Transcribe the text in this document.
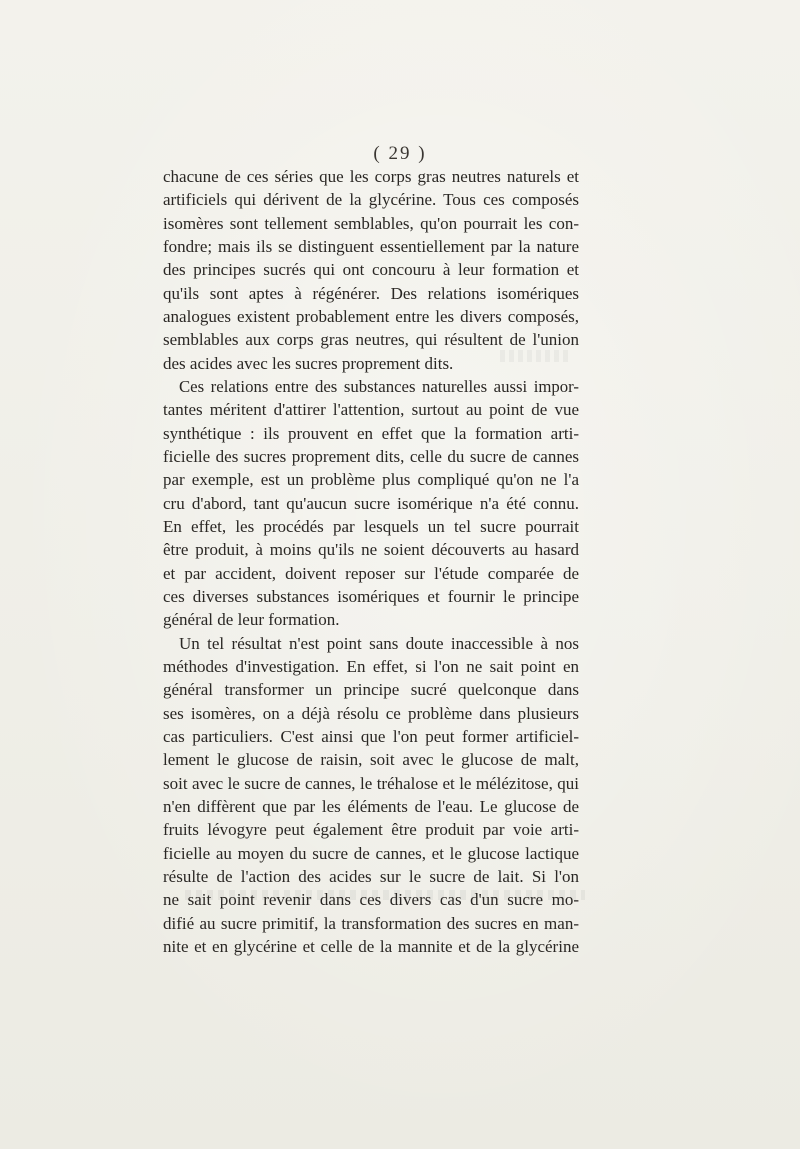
( 29 )
chacune de ces séries que les corps gras neutres naturels et
artificiels qui dérivent de la glycérine. Tous ces composés
isomères sont tellement semblables, qu'on pourrait les con-
fondre; mais ils se distinguent essentiellement par la nature
des principes sucrés qui ont concouru à leur formation et
qu'ils sont aptes à régénérer. Des relations isomériques
analogues existent probablement entre les divers composés,
semblables aux corps gras neutres, qui résultent de l'union
des acides avec les sucres proprement dits.
Ces relations entre des substances naturelles aussi impor-
tantes méritent d'attirer l'attention, surtout au point de vue
synthétique : ils prouvent en effet que la formation arti-
ficielle des sucres proprement dits, celle du sucre de cannes
par exemple, est un problème plus compliqué qu'on ne l'a
cru d'abord, tant qu'aucun sucre isomérique n'a été connu.
En effet, les procédés par lesquels un tel sucre pourrait
être produit, à moins qu'ils ne soient découverts au hasard
et par accident, doivent reposer sur l'étude comparée de
ces diverses substances isomériques et fournir le principe
général de leur formation.
Un tel résultat n'est point sans doute inaccessible à nos
méthodes d'investigation. En effet, si l'on ne sait point en
général transformer un principe sucré quelconque dans
ses isomères, on a déjà résolu ce problème dans plusieurs
cas particuliers. C'est ainsi que l'on peut former artificiel-
lement le glucose de raisin, soit avec le glucose de malt,
soit avec le sucre de cannes, le tréhalose et le mélézitose, qui
n'en diffèrent que par les éléments de l'eau. Le glucose de
fruits lévogyre peut également être produit par voie arti-
ficielle au moyen du sucre de cannes, et le glucose lactique
résulte de l'action des acides sur le sucre de lait. Si l'on
ne sait point revenir dans ces divers cas d'un sucre mo-
difié au sucre primitif, la transformation des sucres en man-
nite et en glycérine et celle de la mannite et de la glycérine
